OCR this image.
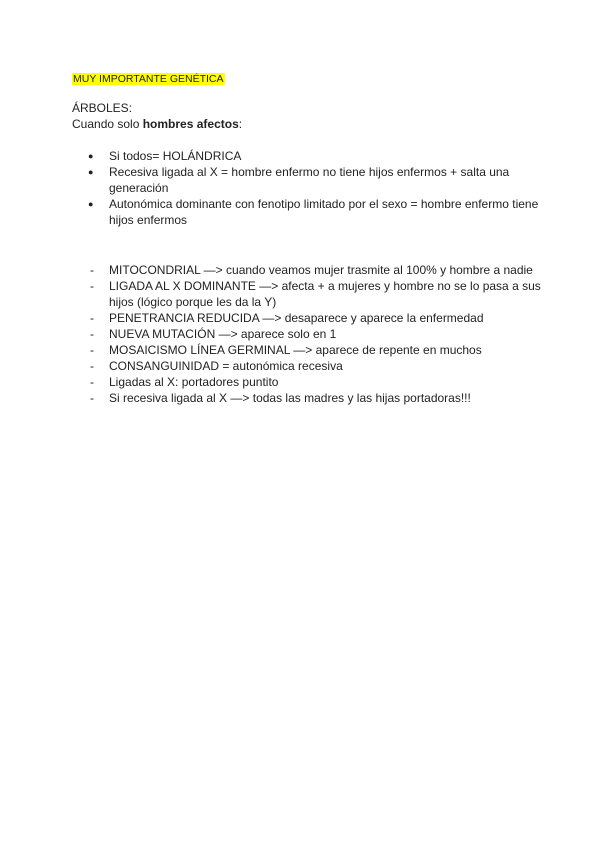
MUY IMPORTANTE GENÉTICA
ÁRBOLES:
Cuando solo hombres afectos:
● Si todos= HOLÁNDRICA
● Recesiva ligada al X = hombre enfermo no tiene hijos enfermos + salta una generación
● Autonómica dominante con fenotipo limitado por el sexo = hombre enfermo tiene hijos enfermos
- MITOCONDRIAL —> cuando veamos mujer trasmite al 100% y hombre a nadie
- LIGADA AL X DOMINANTE —> afecta + a mujeres y hombre no se lo pasa a sus hijos (lógico porque les da la Y)
- PENETRANCIA REDUCIDA —> desaparece y aparece la enfermedad
- NUEVA MUTACIÓN —> aparece solo en 1
- MOSAICISMO LÍNEA GERMINAL —> aparece de repente en muchos
- CONSANGUINIDAD = autonómica recesiva
- Ligadas al X: portadores puntito
- Si recesiva ligada al X —> todas las madres y las hijas portadoras!!!
